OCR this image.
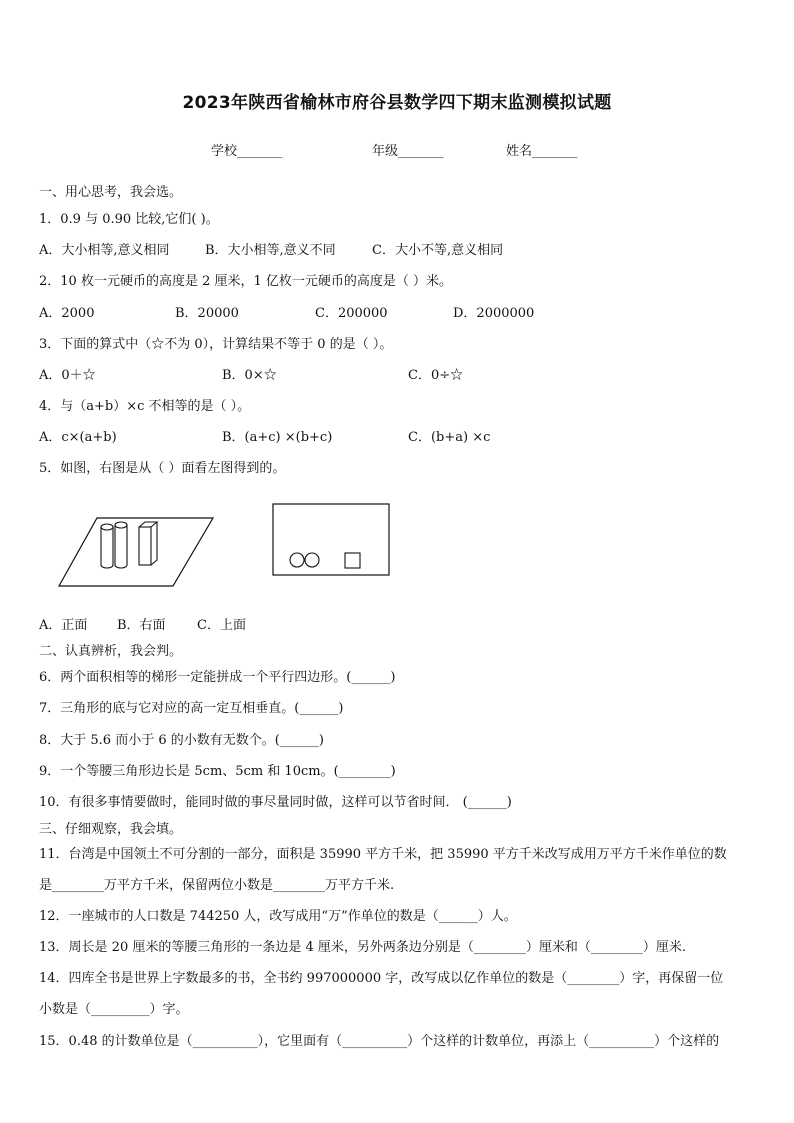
2023年陕西省榆林市府谷县数学四下期末监测模拟试题
学校_______	年级_______	姓名_______
一、用心思考，我会选。
1．0.9 与 0.90 比较,它们( )。
A．大小相等,意义相同	B．大小相等,意义不同	C．大小不等,意义相同
2．10 枚一元硬币的高度是 2 厘米，1 亿枚一元硬币的高度是（ ）米。
A．2000	B．20000	C．200000	D．2000000
3．下面的算式中（☆不为 0），计算结果不等于 0 的是（ ）。
A．0＋☆	B．0×☆	C．0÷☆
4．与（a+b）×c 不相等的是（ ）。
A．c×(a+b)	B．(a+c) ×(b+c)	C．(b+a) ×c
5．如图，右图是从（ ）面看左图得到的。
A．正面 B．右面 C．上面
二、认真辨析，我会判。
6．两个面积相等的梯形一定能拼成一个平行四边形。(______)
7．三角形的底与它对应的高一定互相垂直。(______)
8．大于 5.6 而小于 6 的小数有无数个。(______)
9．一个等腰三角形边长是 5cm、5cm 和 10cm。(________)
10．有很多事情要做时，能同时做的事尽量同时做，这样可以节省时间． (______)
三、仔细观察，我会填。
11．台湾是中国领土不可分割的一部分，面积是 35990 平方千米，把 35990 平方千米改写成用万平方千米作单位的数
是________万平方千米，保留两位小数是________万平方千米.
12．一座城市的人口数是 744250 人，改写成用“万”作单位的数是（______）人。
13．周长是 20 厘米的等腰三角形的一条边是 4 厘米，另外两条边分别是（________）厘米和（________）厘米.
14．四库全书是世界上字数最多的书，全书约 997000000 字，改写成以亿作单位的数是（________）字，再保留一位
小数是（_________）字。
15．0.48 的计数单位是（__________），它里面有（__________）个这样的计数单位，再添上（__________）个这样的
